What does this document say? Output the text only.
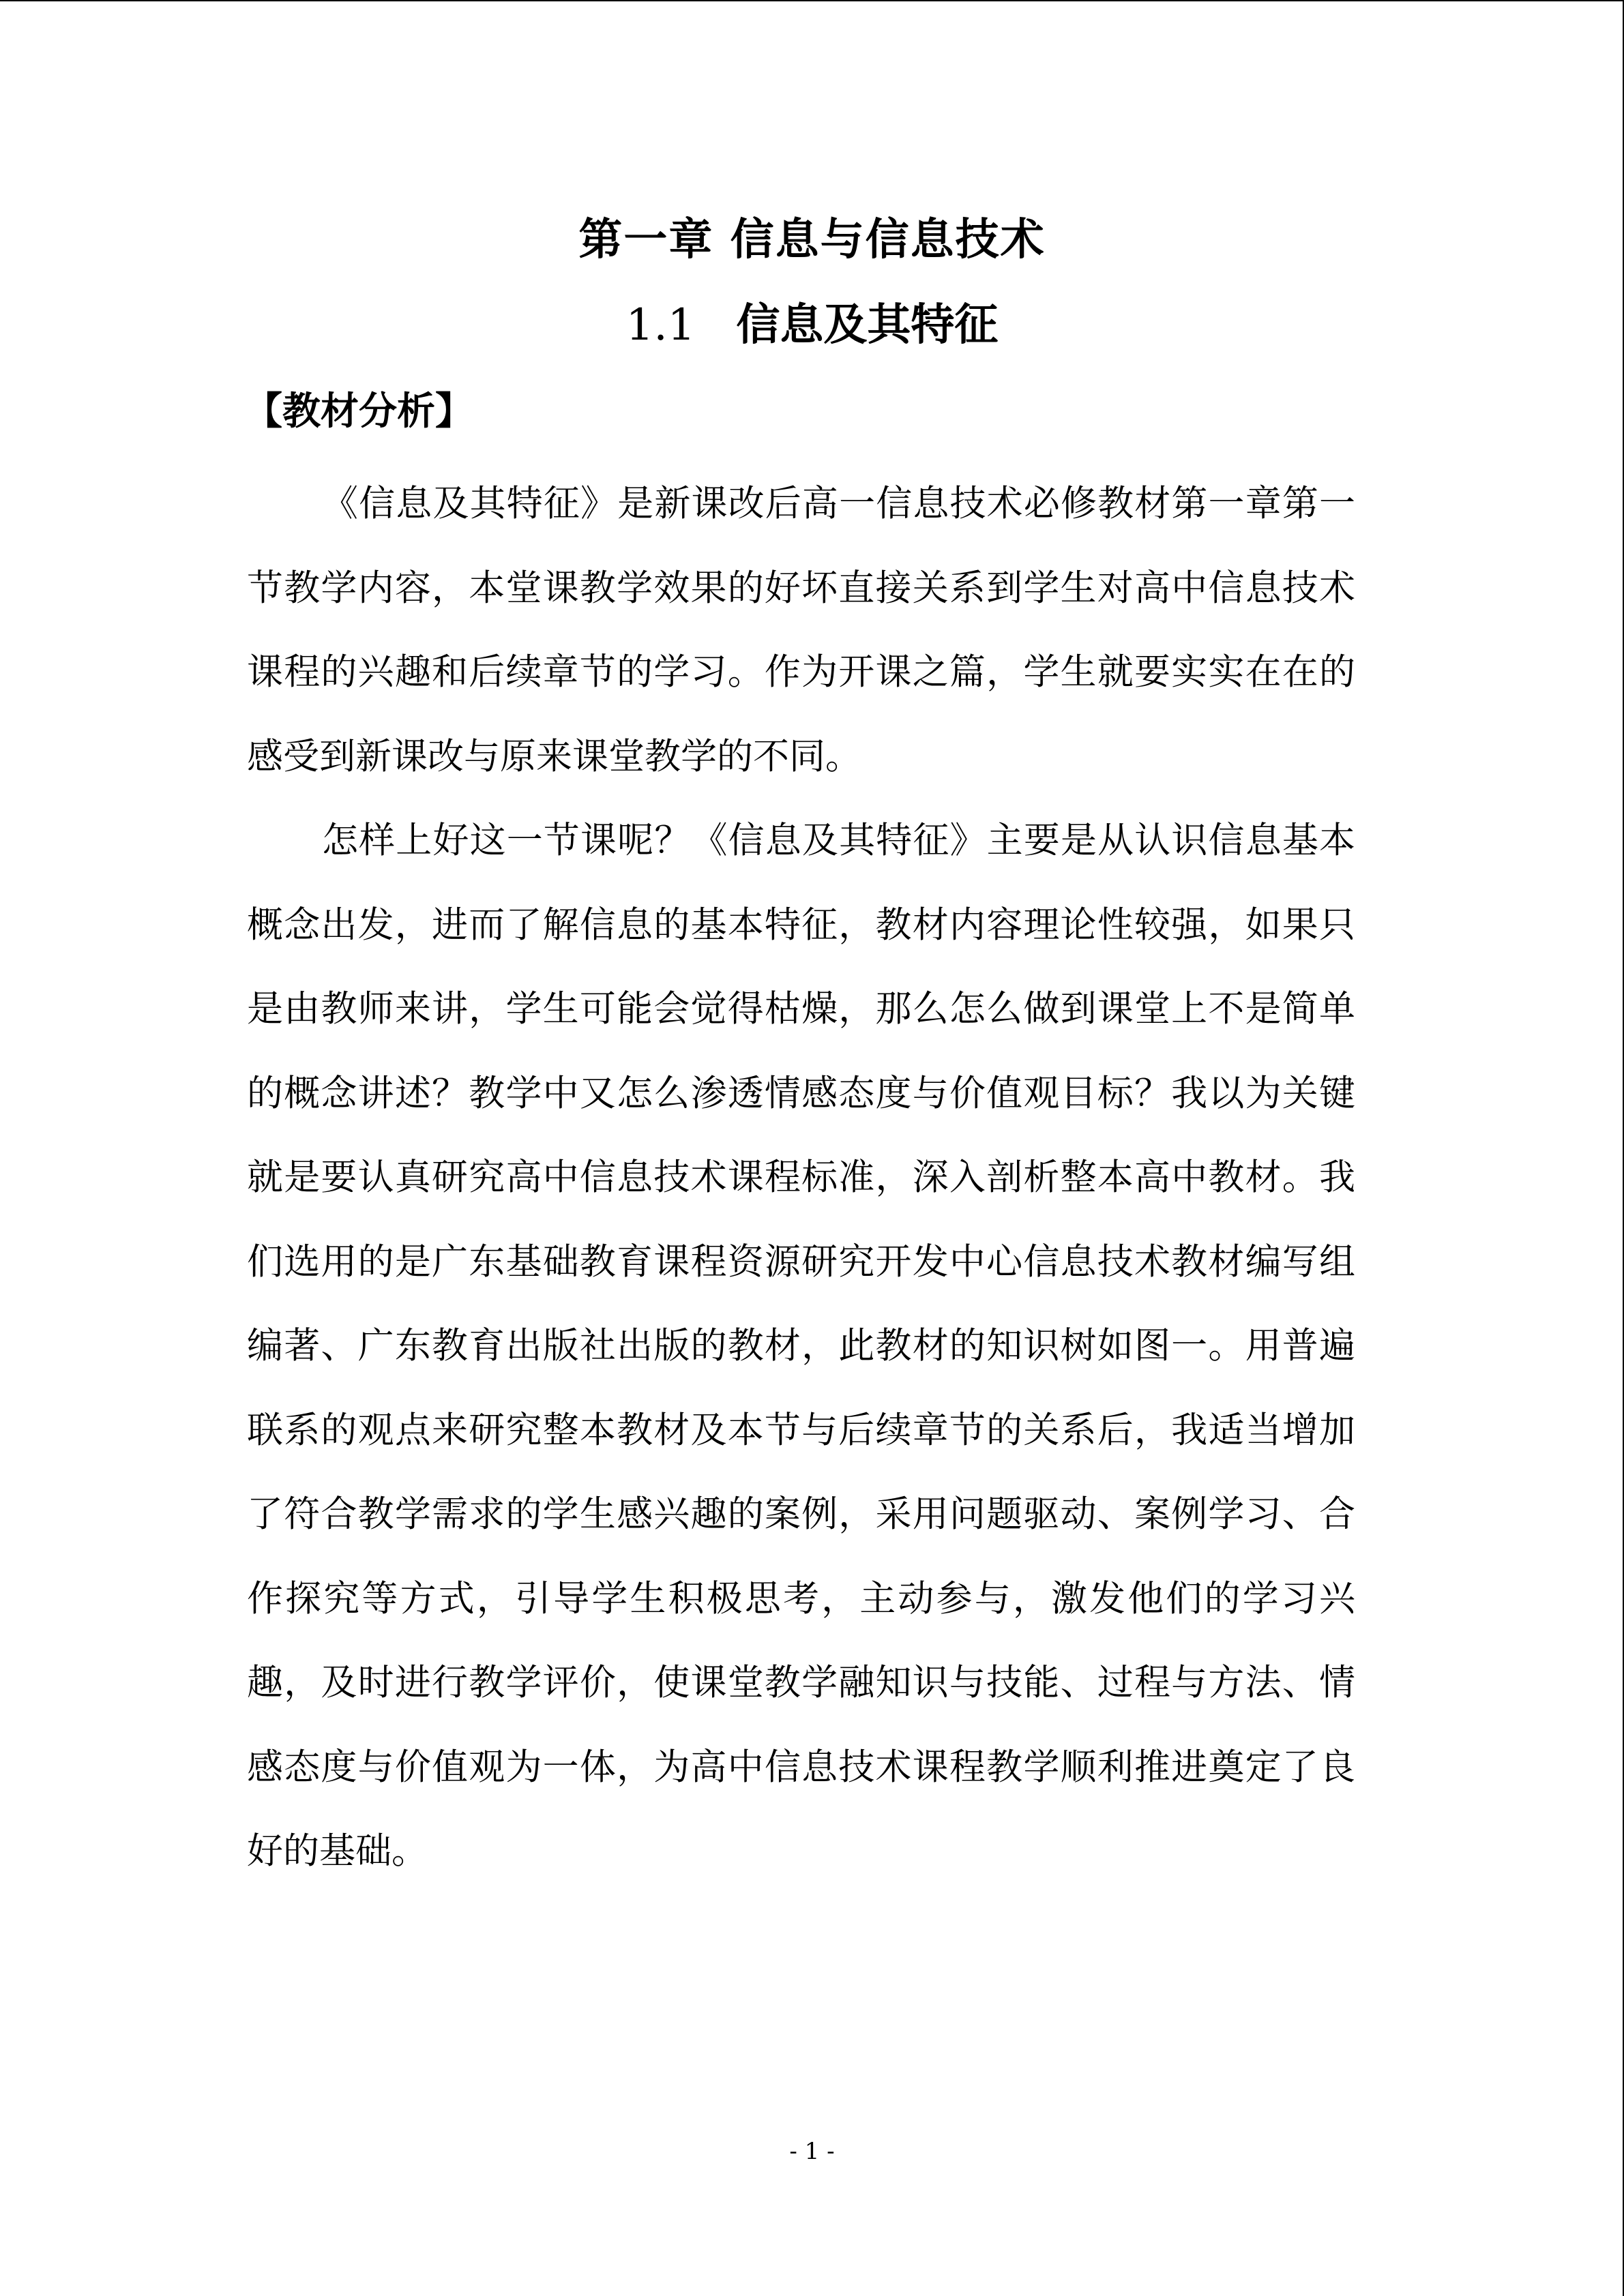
第一章 信息与信息技术
1.1 信息及其特征
【教材分析】

《信息及其特征》是新课改后高一信息技术必修教材第一章第一节教学内容，本堂课教学效果的好坏直接关系到学生对高中信息技术课程的兴趣和后续章节的学习。作为开课之篇，学生就要实实在在的感受到新课改与原来课堂教学的不同。

怎样上好这一节课呢？《信息及其特征》主要是从认识信息基本概念出发，进而了解信息的基本特征，教材内容理论性较强，如果只是由教师来讲，学生可能会觉得枯燥，那么怎么做到课堂上不是简单的概念讲述？教学中又怎么渗透情感态度与价值观目标？我以为关键就是要认真研究高中信息技术课程标准，深入剖析整本高中教材。我们选用的是广东基础教育课程资源研究开发中心信息技术教材编写组编著、广东教育出版社出版的教材，此教材的知识树如图一。用普遍联系的观点来研究整本教材及本节与后续章节的关系后，我适当增加了符合教学需求的学生感兴趣的案例，采用问题驱动、案例学习、合作探究等方式，引导学生积极思考，主动参与，激发他们的学习兴趣，及时进行教学评价，使课堂教学融知识与技能、过程与方法、情感态度与价值观为一体，为高中信息技术课程教学顺利推进奠定了良好的基础。

- 1 -
